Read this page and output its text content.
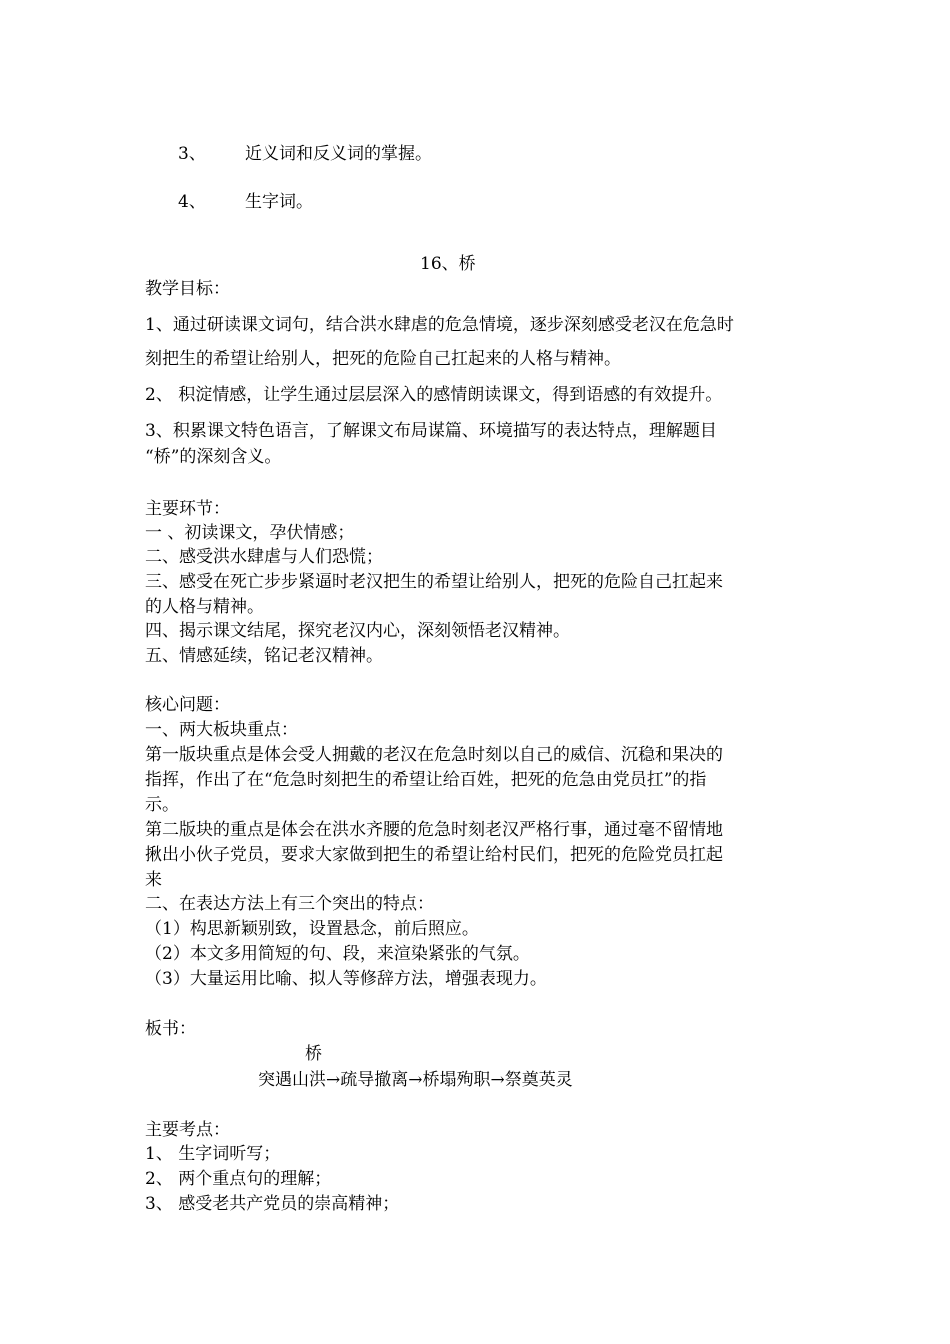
3、 近义词和反义词的掌握。
4、 生字词。
16、桥
教学目标：
1、通过研读课文词句，结合洪水肆虐的危急情境，逐步深刻感受老汉在危急时
刻把生的希望让给别人，把死的危险自己扛起来的人格与精神。
2、 积淀情感，让学生通过层层深入的感情朗读课文，得到语感的有效提升。
3、积累课文特色语言，了解课文布局谋篇、环境描写的表达特点，理解题目
“桥”的深刻含义。
主要环节：
一 、初读课文，孕伏情感；
二、感受洪水肆虐与人们恐慌；
三、感受在死亡步步紧逼时老汉把生的希望让给别人，把死的危险自己扛起来
的人格与精神。
四、揭示课文结尾，探究老汉内心，深刻领悟老汉精神。
五、情感延续，铭记老汉精神。
核心问题：
一、两大板块重点：
第一版块重点是体会受人拥戴的老汉在危急时刻以自己的威信、沉稳和果决的
指挥，作出了在“危急时刻把生的希望让给百姓，把死的危急由党员扛”的指
示。
第二版块的重点是体会在洪水齐腰的危急时刻老汉严格行事，通过毫不留情地
揪出小伙子党员，要求大家做到把生的希望让给村民们，把死的危险党员扛起
来
二、在表达方法上有三个突出的特点：
（1）构思新颖别致，设置悬念，前后照应。
（2）本文多用简短的句、段，来渲染紧张的气氛。
（3）大量运用比喻、拟人等修辞方法，增强表现力。
板书：
桥
突遇山洪→疏导撤离→桥塌殉职→祭奠英灵
主要考点：
1、 生字词听写；
2、 两个重点句的理解；
3、 感受老共产党员的崇高精神；
